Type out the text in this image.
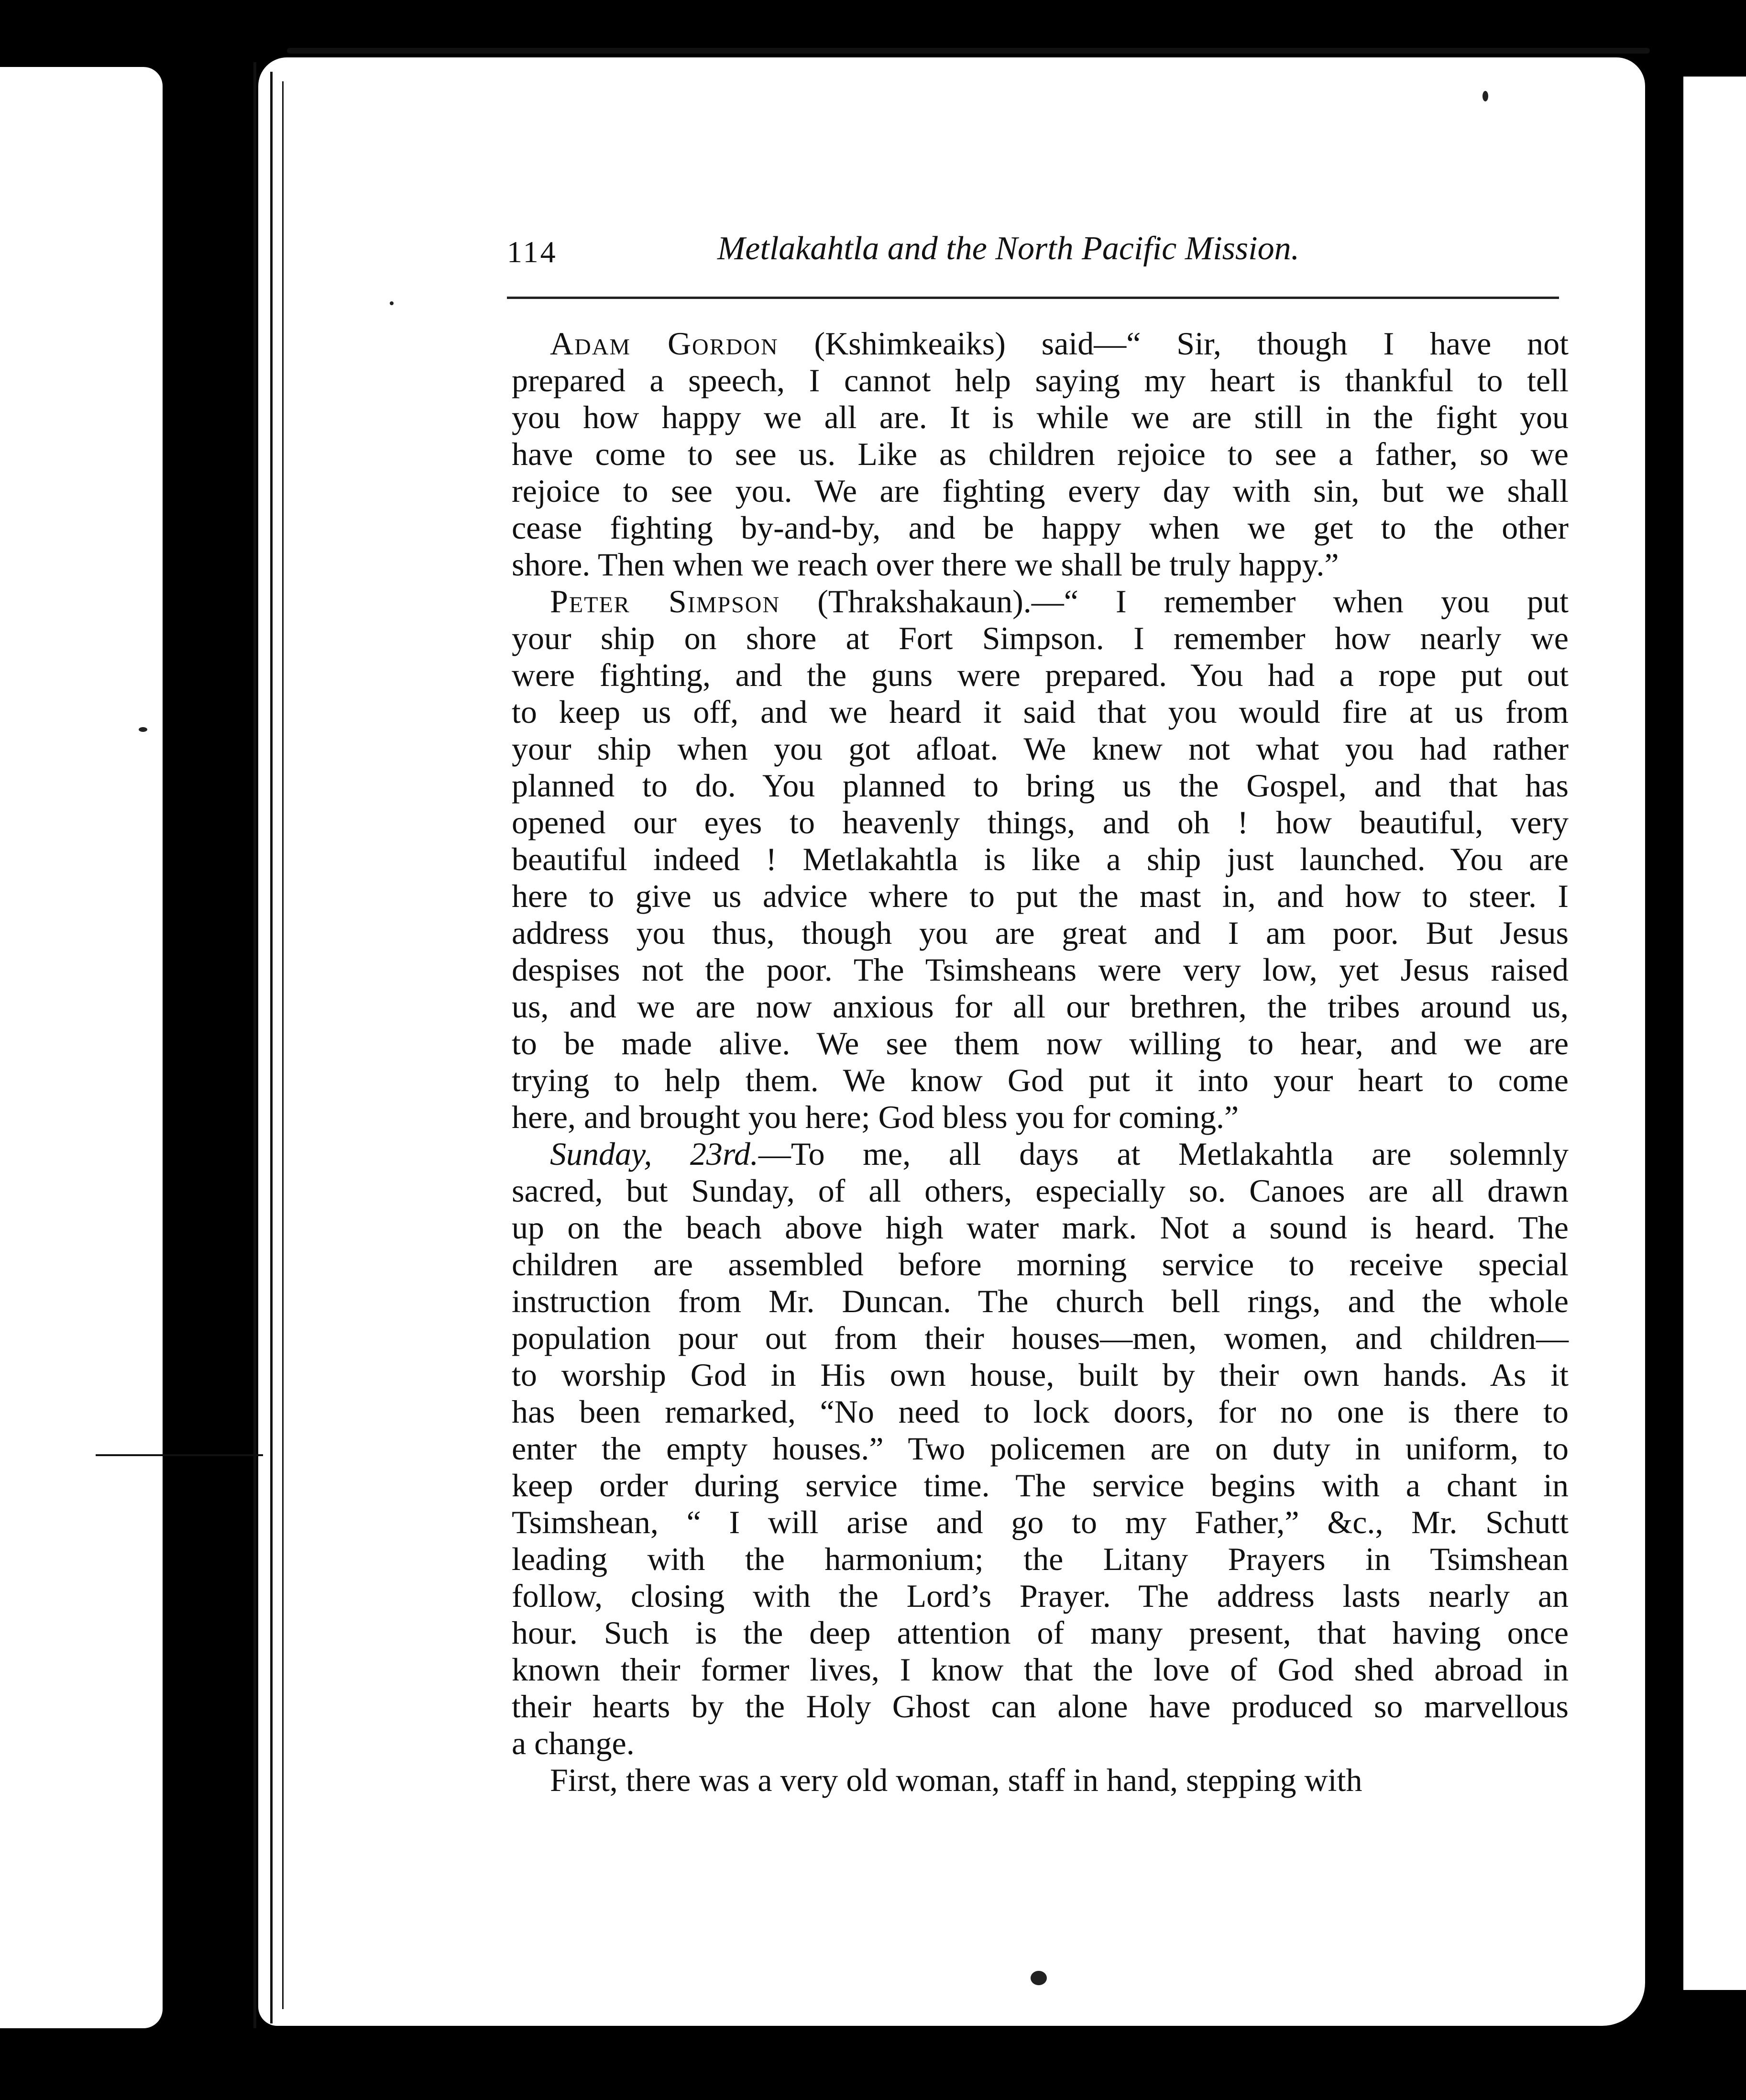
114	Metlakahtla and the North Pacific Mission.
Adam Gordon (Kshimkeaiks) said—“ Sir, though I have not
prepared a speech, I cannot help saying my heart is thankful to tell
you how happy we all are. It is while we are still in the fight you
have come to see us. Like as children rejoice to see a father, so we
rejoice to see you. We are fighting every day with sin, but we shall
cease fighting by-and-by, and be happy when we get to the other
shore. Then when we reach over there we shall be truly happy.”
Peter Simpson (Thrakshakaun).—“ I remember when you put
your ship on shore at Fort Simpson. I remember how nearly we
were fighting, and the guns were prepared. You had a rope put out
to keep us off, and we heard it said that you would fire at us from
your ship when you got afloat. We knew not what you had rather
planned to do. You planned to bring us the Gospel, and that has
opened our eyes to heavenly things, and oh ! how beautiful, very
beautiful indeed ! Metlakahtla is like a ship just launched. You are
here to give us advice where to put the mast in, and how to steer. I
address you thus, though you are great and I am poor. But Jesus
despises not the poor. The Tsimsheans were very low, yet Jesus raised
us, and we are now anxious for all our brethren, the tribes around us,
to be made alive. We see them now willing to hear, and we are
trying to help them. We know God put it into your heart to come
here, and brought you here; God bless you for coming.”
Sunday, 23rd.—To me, all days at Metlakahtla are solemnly
sacred, but Sunday, of all others, especially so. Canoes are all drawn
up on the beach above high water mark. Not a sound is heard. The
children are assembled before morning service to receive special
instruction from Mr. Duncan. The church bell rings, and the whole
population pour out from their houses—men, women, and children—
to worship God in His own house, built by their own hands. As it
has been remarked, “No need to lock doors, for no one is there to
enter the empty houses.” Two policemen are on duty in uniform, to
keep order during service time. The service begins with a chant in
Tsimshean, “ I will arise and go to my Father,” &c., Mr. Schutt
leading with the harmonium; the Litany Prayers in Tsimshean
follow, closing with the Lord’s Prayer. The address lasts nearly an
hour. Such is the deep attention of many present, that having once
known their former lives, I know that the love of God shed abroad in
their hearts by the Holy Ghost can alone have produced so marvellous
a change.
First, there was a very old woman, staff in hand, stepping with
